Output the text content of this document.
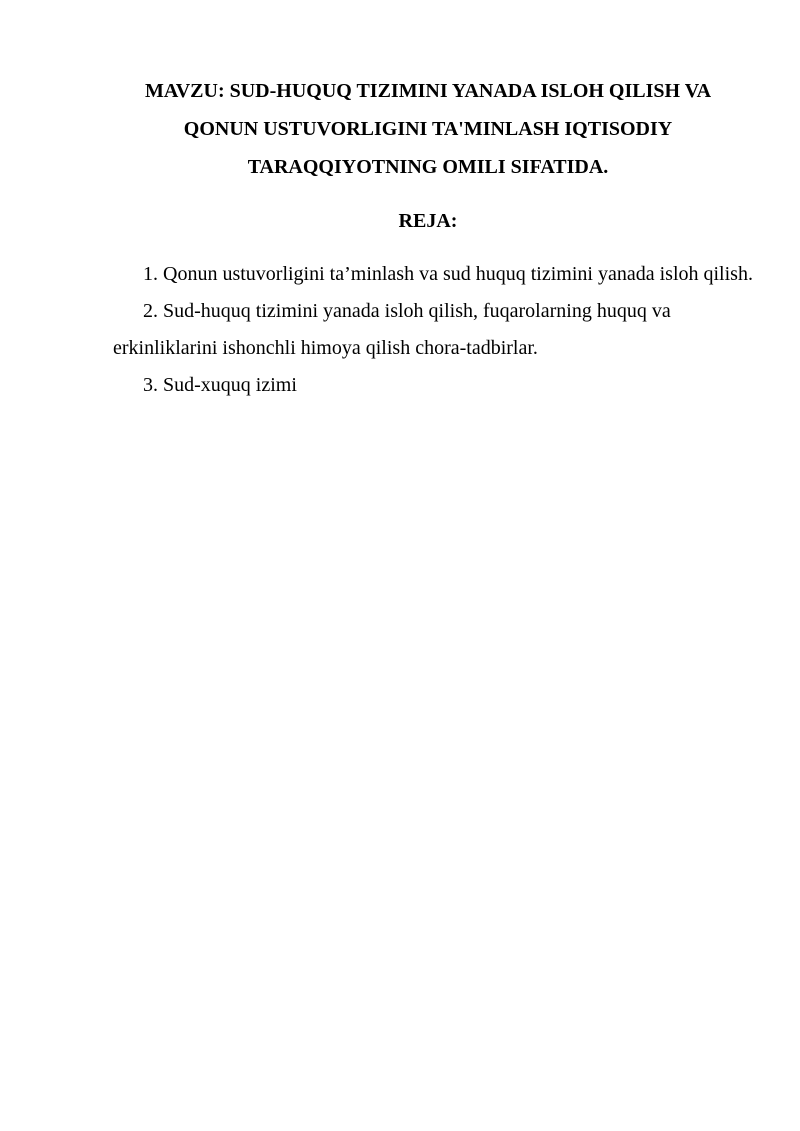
MAVZU: SUD-HUQUQ TIZIMINI YANADA ISLOH QILISH VA
QONUN USTUVORLIGINI TA'MINLASH IQTISODIY
TARAQQIYOTNING OMILI SIFATIDA.
REJA:
1. Qonun ustuvorligini ta’minlash va sud huquq tizimini yanada isloh qilish.
2. Sud-huquq tizimini yanada isloh qilish, fuqarolarning huquq va erkinliklarini ishonchli himoya qilish chora-tadbirlar.
3. Sud-xuquq izimi
